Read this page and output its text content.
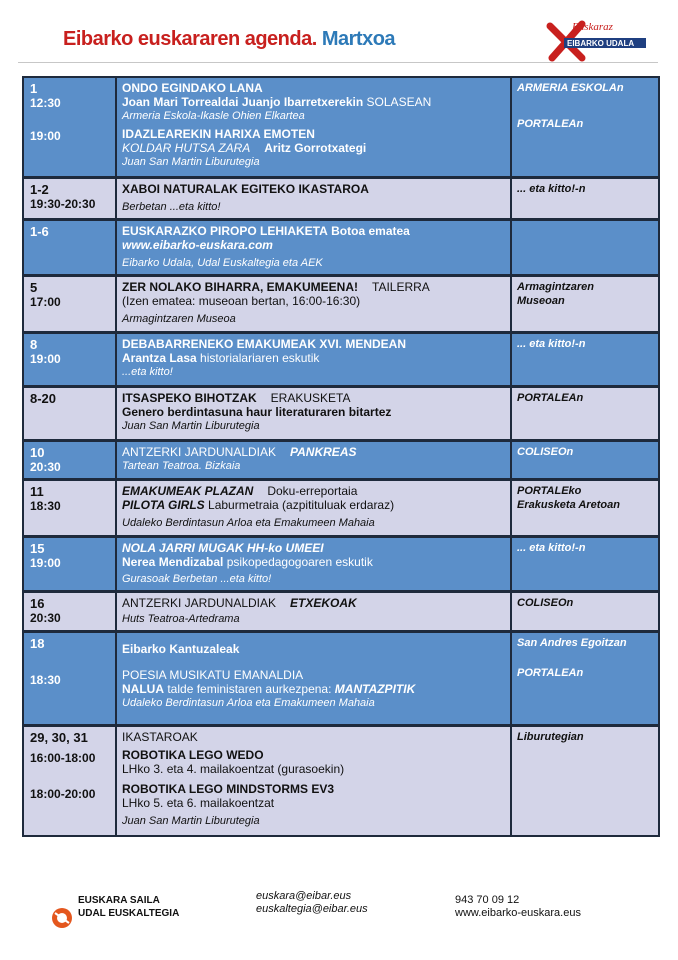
Eibarko euskararen agenda. Martxoa
Euskaraz
EIBARKO UDALA
1
12:30
19:00
ONDO EGINDAKO LANA
Joan Mari Torrealdai Juanjo Ibarretxerekin SOLASEAN
Armeria Eskola-Ikasle Ohien Elkartea
IDAZLEAREKIN HARIXA EMOTEN
KOLDAR HUTSA ZARA Aritz Gorrotxategi
Juan San Martin Liburutegia
ARMERIA ESKOLAn
PORTALEAn
1-2
19:30-20:30
XABOI NATURALAK EGITEKO IKASTAROA
Berbetan ...eta kitto!
... eta kitto!-n
1-6	EUSKARAZKO PIROPO LEHIAKETA Botoa ematea
www.eibarko-euskara.com
Eibarko Udala, Udal Euskaltegia eta AEK
5
17:00
ZER NOLAKO BIHARRA, EMAKUMEENA! TAILERRA
(Izen ematea: museoan bertan, 16:00-16:30)
Armagintzaren Museoa
Armagintzaren
Museoan
8
19:00
DEBABARRENEKO EMAKUMEAK XVI. MENDEAN
Arantza Lasa historialariaren eskutik
...eta kitto!
... eta kitto!-n
8-20	ITSASPEKO BIHOTZAK ERAKUSKETA
Genero berdintasuna haur literaturaren bitartez
Juan San Martin Liburutegia
PORTALEAn
10
20:30
ANTZERKI JARDUNALDIAK PANKREAS
Tartean Teatroa. Bizkaia
COLISEOn
11
18:30
EMAKUMEAK PLAZAN Doku-erreportaia
PILOTA GIRLS Laburmetraia (azpitituluak erdaraz)
Udaleko Berdintasun Arloa eta Emakumeen Mahaia
PORTALEko
Erakusketa Aretoan
15
19:00
NOLA JARRI MUGAK HH-ko UMEEI
Nerea Mendizabal psikopedagogoaren eskutik
Gurasoak Berbetan ...eta kitto!
... eta kitto!-n
16
20:30
ANTZERKI JARDUNALDIAK ETXEKOAK
Huts Teatroa-Artedrama
COLISEOn
18
18:30
Eibarko Kantuzaleak
POESIA MUSIKATU EMANALDIA
NALUA talde feministaren aurkezpena: MANTAZPITIK
Udaleko Berdintasun Arloa eta Emakumeen Mahaia
San Andres Egoitzan
PORTALEAn
29, 30, 31
16:00-18:00
18:00-20:00
IKASTAROAK
ROBOTIKA LEGO WEDO
LHko 3. eta 4. mailakoentzat (gurasoekin)
ROBOTIKA LEGO MINDSTORMS EV3
LHko 5. eta 6. mailakoentzat
Juan San Martin Liburutegia
Liburutegian
EUSKARA SAILA
UDAL EUSKALTEGIA
euskara@eibar.eus
euskaltegia@eibar.eus
943 70 09 12
www.eibarko-euskara.eus
